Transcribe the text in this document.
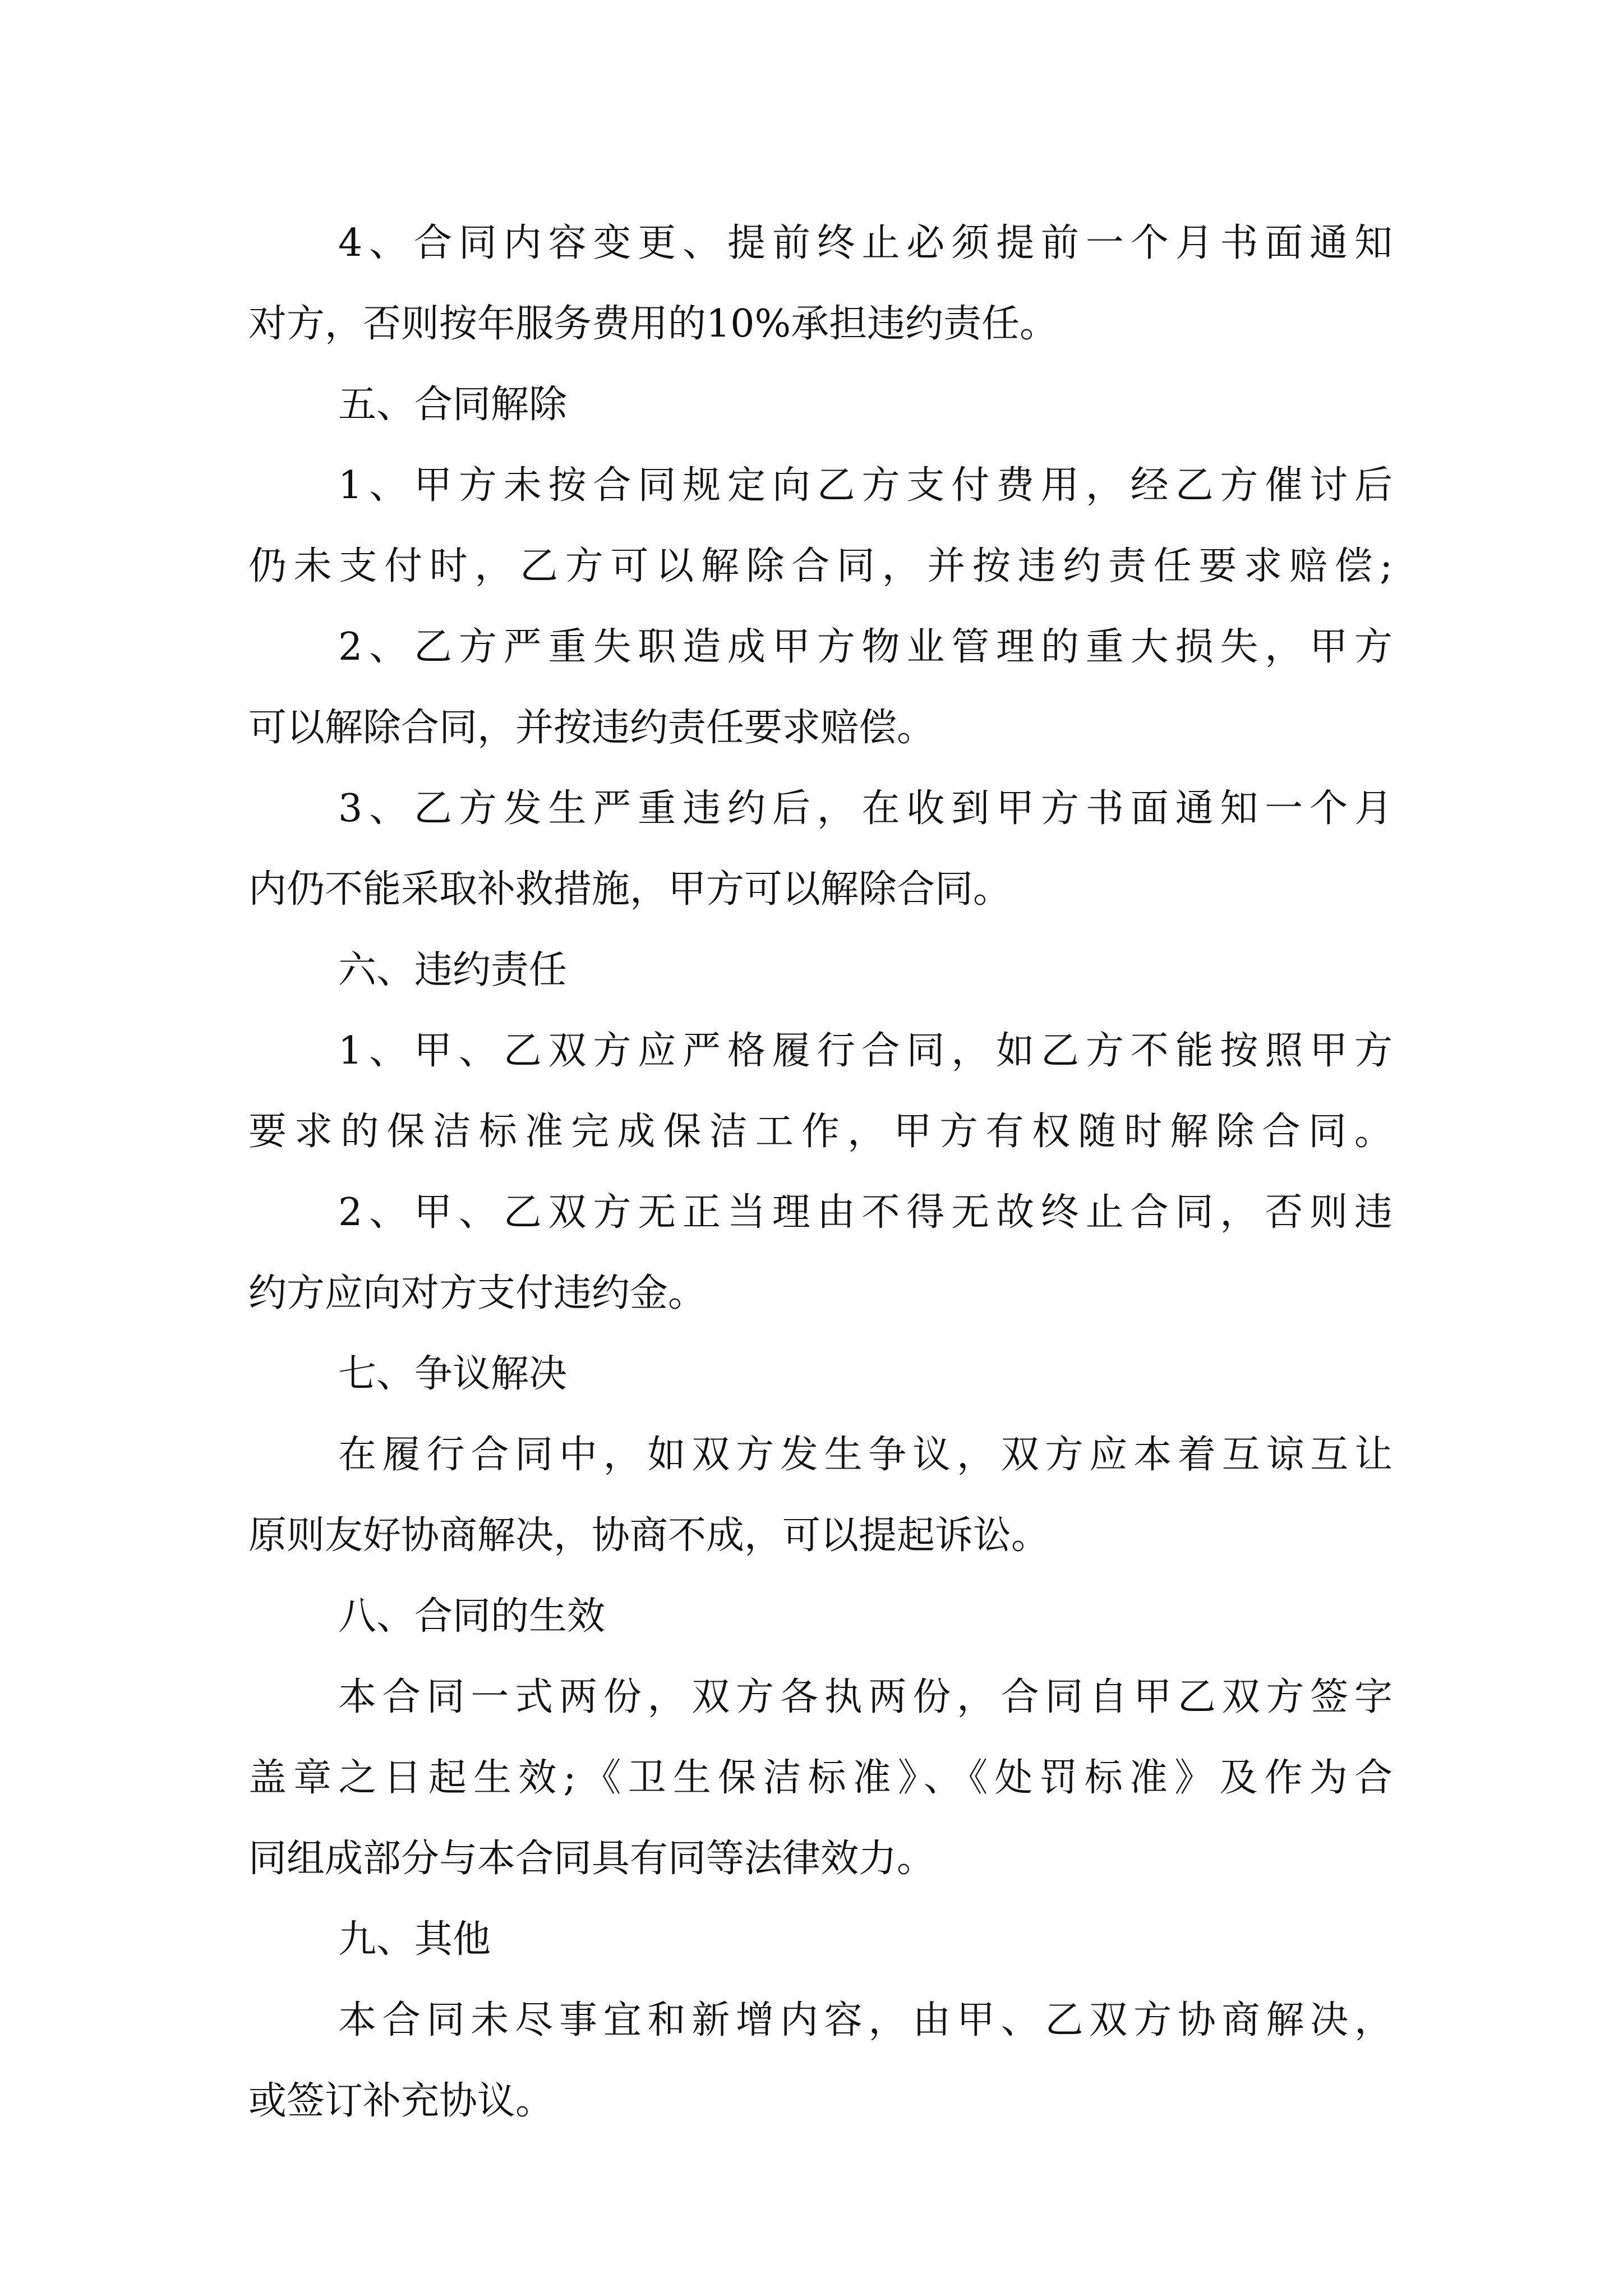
4、合同内容变更、提前终止必须提前一个月书面通知

对方，否则按年服务费用的10%承担违约责任。

五、合同解除

1、甲方未按合同规定向乙方支付费用，经乙方催讨后

仍未支付时，乙方可以解除合同，并按违约责任要求赔偿;

2、乙方严重失职造成甲方物业管理的重大损失，甲方

可以解除合同，并按违约责任要求赔偿。

3、乙方发生严重违约后，在收到甲方书面通知一个月

内仍不能采取补救措施，甲方可以解除合同。

六、违约责任

1、甲、乙双方应严格履行合同，如乙方不能按照甲方

要求的保洁标准完成保洁工作，甲方有权随时解除合同。

2、甲、乙双方无正当理由不得无故终止合同，否则违

约方应向对方支付违约金。

七、争议解决

在履行合同中，如双方发生争议，双方应本着互谅互让

原则友好协商解决，协商不成，可以提起诉讼。

八、合同的生效

本合同一式两份，双方各执两份，合同自甲乙双方签字

盖章之日起生效;《卫生保洁标准》、《处罚标准》及作为合

同组成部分与本合同具有同等法律效力。

九、其他

本合同未尽事宜和新增内容，由甲、乙双方协商解决，

或签订补充协议。
